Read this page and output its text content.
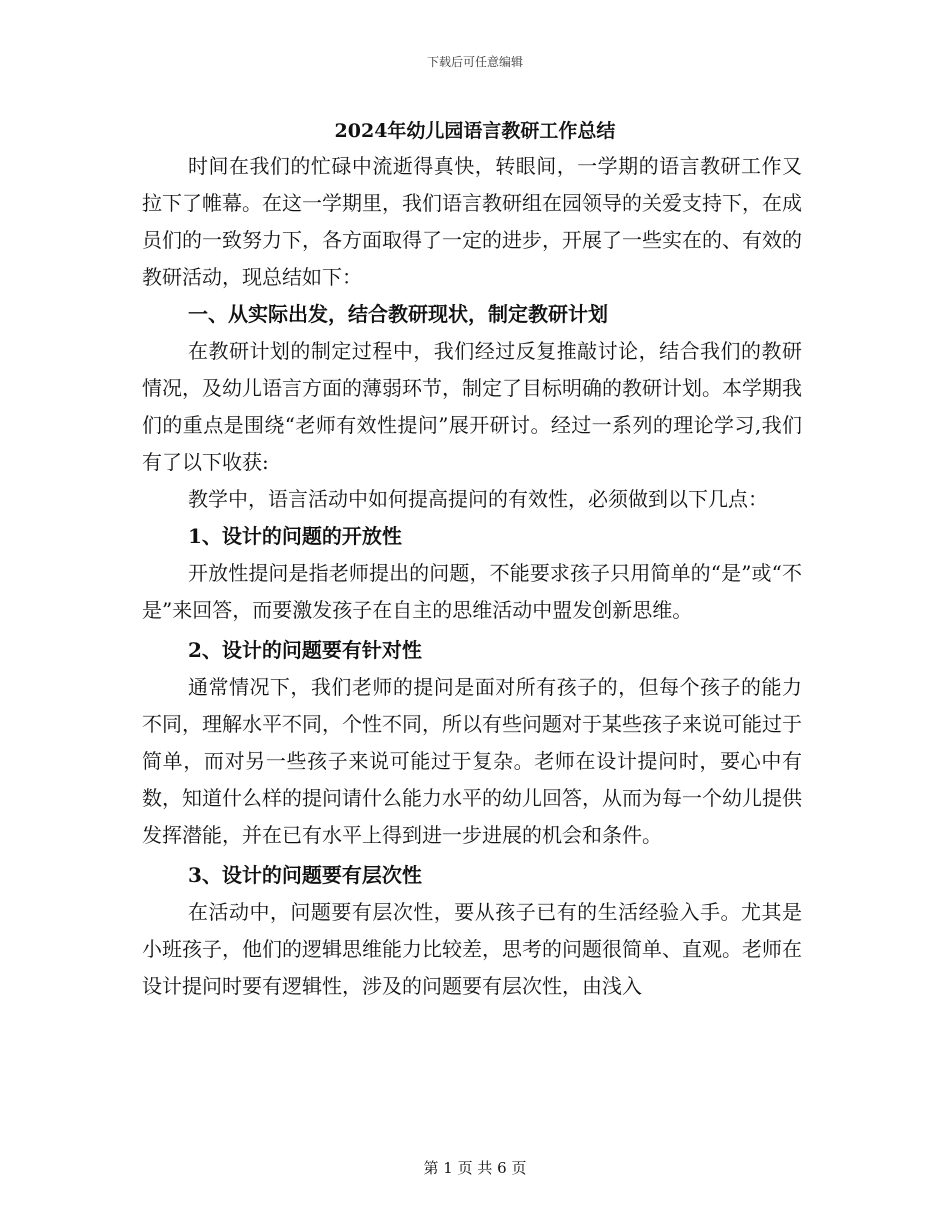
下载后可任意编辑
2024年幼儿园语言教研工作总结

时间在我们的忙碌中流逝得真快，转眼间，一学期的语言教研工作又拉下了帷幕。在这一学期里，我们语言教研组在园领导的关爱支持下，在成员们的一致努力下，各方面取得了一定的进步，开展了一些实在的、有效的教研活动，现总结如下：

一、从实际出发，结合教研现状，制定教研计划

在教研计划的制定过程中，我们经过反复推敲讨论，结合我们的教研情况，及幼儿语言方面的薄弱环节，制定了目标明确的教研计划。本学期我们的重点是围绕“老师有效性提问”展开研讨。经过一系列的理论学习,我们有了以下收获:

教学中，语言活动中如何提高提问的有效性，必须做到以下几点：

1、设计的问题的开放性

开放性提问是指老师提出的问题，不能要求孩子只用简单的“是”或“不是”来回答，而要激发孩子在自主的思维活动中盟发创新思维。

2、设计的问题要有针对性

通常情况下，我们老师的提问是面对所有孩子的，但每个孩子的能力不同，理解水平不同，个性不同，所以有些问题对于某些孩子来说可能过于简单，而对另一些孩子来说可能过于复杂。老师在设计提问时，要心中有数，知道什么样的提问请什么能力水平的幼儿回答，从而为每一个幼儿提供发挥潜能，并在已有水平上得到进一步进展的机会和条件。

3、设计的问题要有层次性

在活动中，问题要有层次性，要从孩子已有的生活经验入手。尤其是小班孩子，他们的逻辑思维能力比较差，思考的问题很简单、直观。老师在设计提问时要有逻辑性，涉及的问题要有层次性，由浅入

第 1 页 共 6 页
